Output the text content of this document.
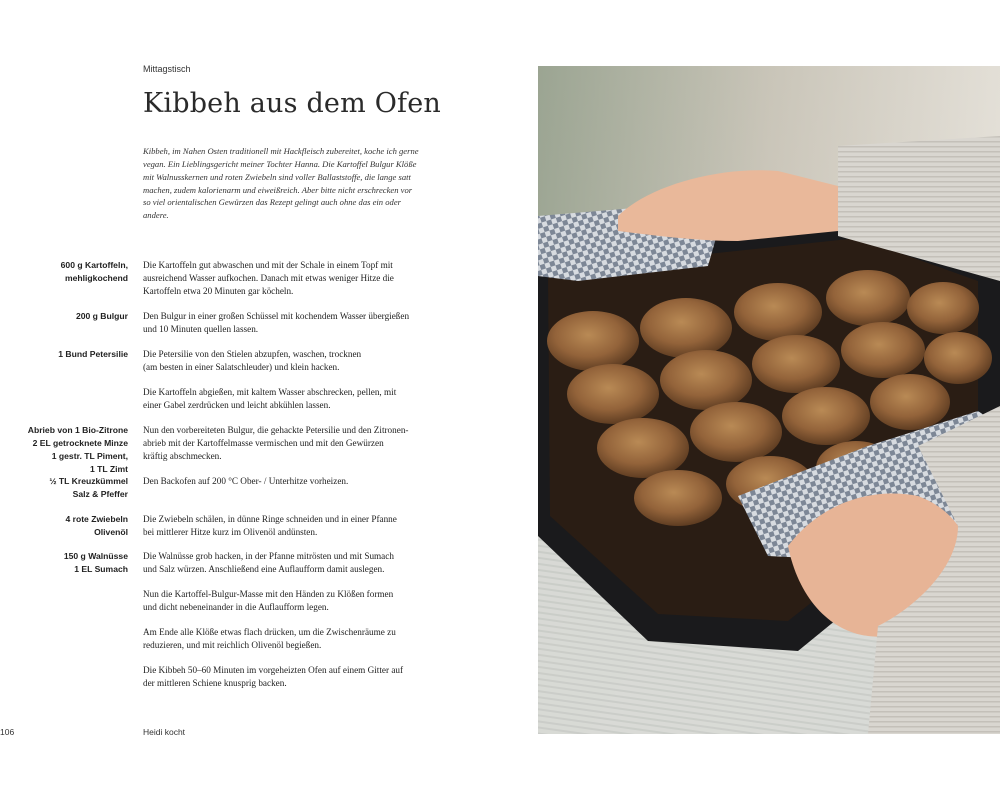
Mittagstisch
Kibbeh aus dem Ofen
Kibbeh, im Nahen Osten traditionell mit Hackfleisch zubereitet, koche ich gerne
vegan. Ein Lieblingsgericht meiner Tochter Hanna. Die Kartoffel Bulgur Klöße
mit Walnusskernen und roten Zwiebeln sind voller Ballaststoffe, die lange satt
machen, zudem kalorienarm und eiweißreich. Aber bitte nicht erschrecken vor
so viel orientalischen Gewürzen das Rezept gelingt auch ohne das ein oder
andere.
600 g Kartoffeln,
mehligkochend
200 g Bulgur
1 Bund Petersilie
Abrieb von 1 Bio-Zitrone
2 EL getrocknete Minze
1 gestr. TL Piment,
1 TL Zimt
½ TL Kreuzkümmel
Salz & Pfeffer
4 rote Zwiebeln
Olivenöl
150 g Walnüsse
1 EL Sumach
Die Kartoffeln gut abwaschen und mit der Schale in einem Topf mit
ausreichend Wasser aufkochen. Danach mit etwas weniger Hitze die
Kartoffeln etwa 20 Minuten gar köcheln.
Den Bulgur in einer großen Schüssel mit kochendem Wasser übergießen
und 10 Minuten quellen lassen.
Die Petersilie von den Stielen abzupfen, waschen, trocknen
(am besten in einer Salatschleuder) und klein hacken.
Die Kartoffeln abgießen, mit kaltem Wasser abschrecken, pellen, mit
einer Gabel zerdrücken und leicht abkühlen lassen.
Nun den vorbereiteten Bulgur, die gehackte Petersilie und den Zitronen-
abrieb mit der Kartoffelmasse vermischen und mit den Gewürzen
kräftig abschmecken.
Den Backofen auf 200 °C Ober- / Unterhitze vorheizen.
Die Zwiebeln schälen, in dünne Ringe schneiden und in einer Pfanne
bei mittlerer Hitze kurz im Olivenöl andünsten.
Die Walnüsse grob hacken, in der Pfanne mitrösten und mit Sumach
und Salz würzen. Anschließend eine Auflaufform damit auslegen.
Nun die Kartoffel-Bulgur-Masse mit den Händen zu Klößen formen
und dicht nebeneinander in die Auflaufform legen.
Am Ende alle Klöße etwas flach drücken, um die Zwischenräume zu
reduzieren, und mit reichlich Olivenöl begießen.
Die Kibbeh 50–60 Minuten im vorgeheizten Ofen auf einem Gitter auf
der mittleren Schiene knusprig backen.
106	Heidi kocht
